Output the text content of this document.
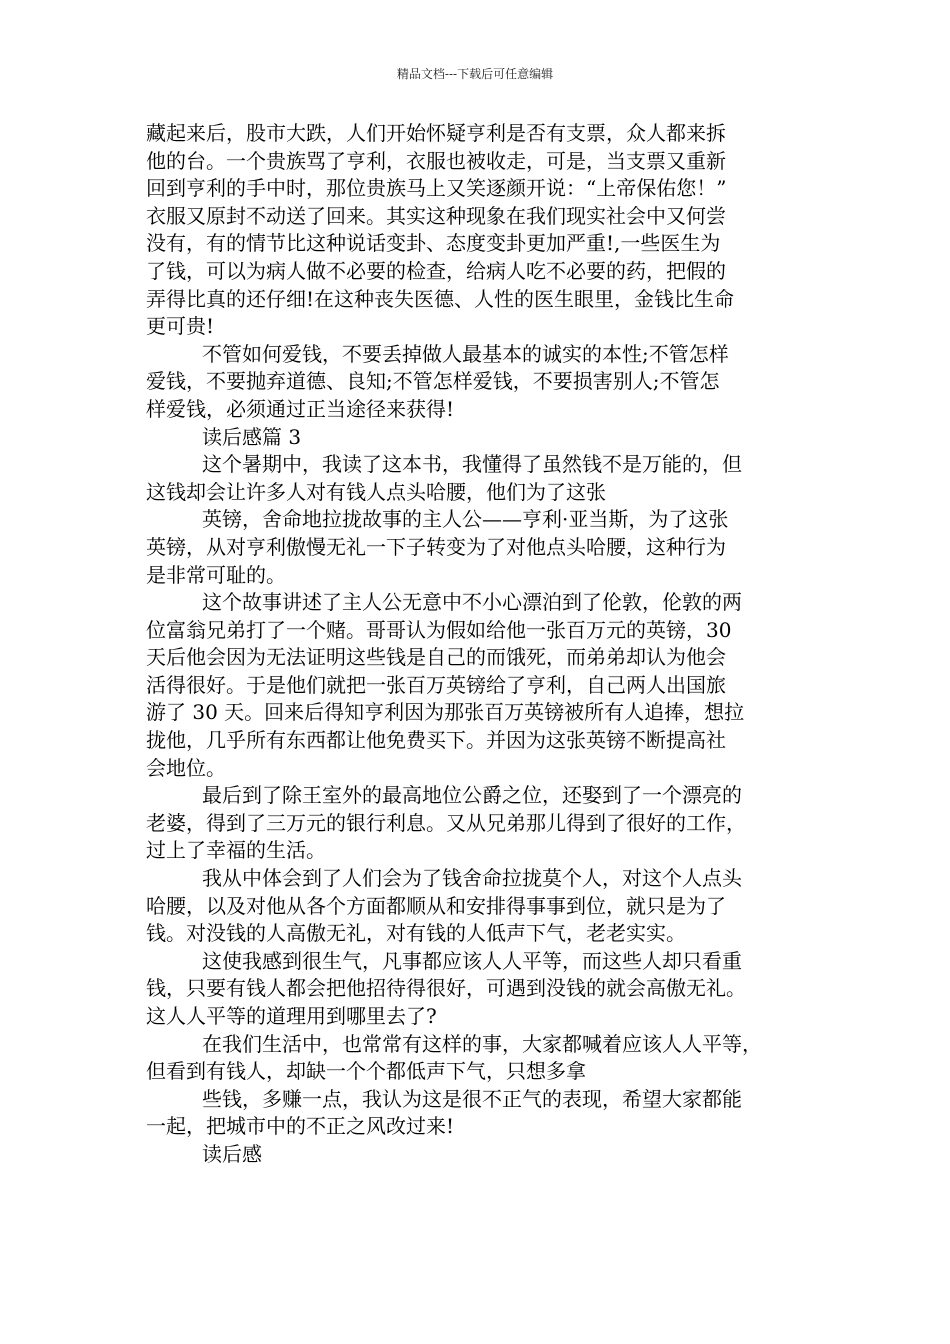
精品文档---下载后可任意编辑
藏起来后，股市大跌，人们开始怀疑亨利是否有支票，众人都来拆
他的台。一个贵族骂了亨利，衣服也被收走，可是，当支票又重新
回到亨利的手中时，那位贵族马上又笑逐颜开说：“上帝保佑您！”
衣服又原封不动送了回来。其实这种现象在我们现实社会中又何尝
没有，有的情节比这种说话变卦、态度变卦更加严重!,一些医生为
了钱，可以为病人做不必要的检查，给病人吃不必要的药，把假的
弄得比真的还仔细!在这种丧失医德、人性的医生眼里，金钱比生命
更可贵!
不管如何爱钱，不要丢掉做人最基本的诚实的本性;不管怎样
爱钱，不要抛弃道德、良知;不管怎样爱钱，不要损害别人;不管怎
样爱钱，必须通过正当途径来获得!
读后感篇 3
这个暑期中，我读了这本书，我懂得了虽然钱不是万能的，但
这钱却会让许多人对有钱人点头哈腰，他们为了这张
英镑，舍命地拉拢故事的主人公——亨利·亚当斯，为了这张
英镑，从对亨利傲慢无礼一下子转变为了对他点头哈腰，这种行为
是非常可耻的。
这个故事讲述了主人公无意中不小心漂泊到了伦敦，伦敦的两
位富翁兄弟打了一个赌。哥哥认为假如给他一张百万元的英镑，30
天后他会因为无法证明这些钱是自己的而饿死，而弟弟却认为他会
活得很好。于是他们就把一张百万英镑给了亨利，自己两人出国旅
游了 30 天。回来后得知亨利因为那张百万英镑被所有人追捧，想拉
拢他，几乎所有东西都让他免费买下。并因为这张英镑不断提高社
会地位。
最后到了除王室外的最高地位公爵之位，还娶到了一个漂亮的
老婆，得到了三万元的银行利息。又从兄弟那儿得到了很好的工作，
过上了幸福的生活。
我从中体会到了人们会为了钱舍命拉拢莫个人，对这个人点头
哈腰，以及对他从各个方面都顺从和安排得事事到位，就只是为了
钱。对没钱的人高傲无礼，对有钱的人低声下气，老老实实。
这使我感到很生气，凡事都应该人人平等，而这些人却只看重
钱，只要有钱人都会把他招待得很好，可遇到没钱的就会高傲无礼。
这人人平等的道理用到哪里去了?
在我们生活中，也常常有这样的事，大家都喊着应该人人平等，
但看到有钱人，却缺一个个都低声下气，只想多拿
些钱，多赚一点，我认为这是很不正气的表现，希望大家都能
一起，把城市中的不正之风改过来!
读后感
